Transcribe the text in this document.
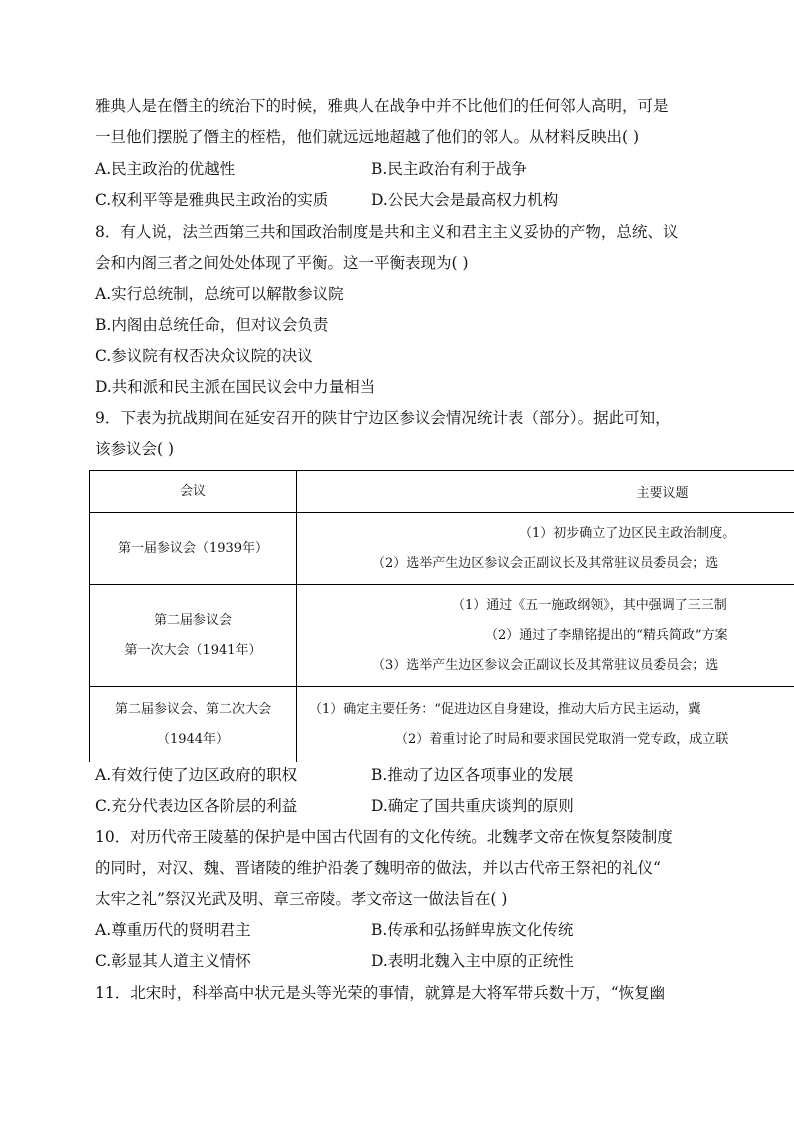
雅典人是在僭主的统治下的时候，雅典人在战争中并不比他们的任何邻人高明，可是
一旦他们摆脱了僭主的桎梏，他们就远远地超越了他们的邻人。从材料反映出( )
A.民主政治的优越性	B.民主政治有利于战争
C.权利平等是雅典民主政治的实质	D.公民大会是最高权力机构
8．有人说，法兰西第三共和国政治制度是共和主义和君主主义妥协的产物，总统、议
会和内阁三者之间处处体现了平衡。这一平衡表现为( )
A.实行总统制，总统可以解散参议院
B.内阁由总统任命，但对议会负责
C.参议院有权否决众议院的决议
D.共和派和民主派在国民议会中力量相当
9．下表为抗战期间在延安召开的陕甘宁边区参议会情况统计表（部分）。据此可知，
该参议会( )
会议	主要议题
第一届参议会（1939年）	（1）初步确立了边区民主政治制度。
（2）选举产生边区参议会正副议长及其常驻议员委员会；选

第二届参议会
第一次大会（1941年）	（1）通过《五一施政纲领》，其中强调了三三制
（2）通过了李鼎铭提出的“精兵简政”方案
（3）选举产生边区参议会正副议长及其常驻议员委员会；选

第二届参议会、第二次大会
（1944年）	（1）确定主要任务：“促进边区自身建设，推动大后方民主运动，冀
（2）着重讨论了时局和要求国民党取消一党专政，成立联
A.有效行使了边区政府的职权	B.推动了边区各项事业的发展
C.充分代表边区各阶层的利益	D.确定了国共重庆谈判的原则
10．对历代帝王陵墓的保护是中国古代固有的文化传统。北魏孝文帝在恢复祭陵制度
的同时，对汉、魏、晋诸陵的维护沿袭了魏明帝的做法，并以古代帝王祭祀的礼仪“
太牢之礼”祭汉光武及明、章三帝陵。孝文帝这一做法旨在( )
A.尊重历代的贤明君主	B.传承和弘扬鲜卑族文化传统
C.彰显其人道主义情怀	D.表明北魏入主中原的正统性
11．北宋时，科举高中状元是头等光荣的事情，就算是大将军带兵数十万，“恢复幽
